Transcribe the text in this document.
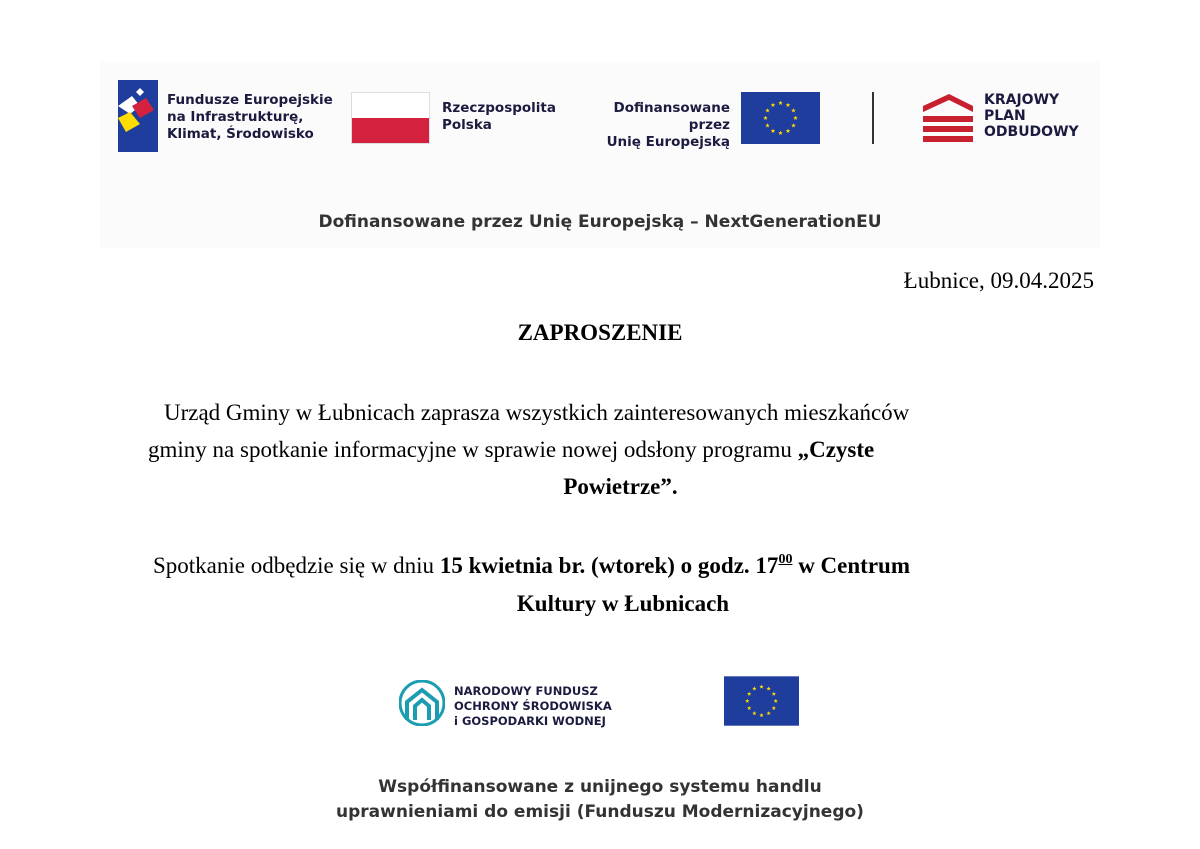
Fundusze Europejskie
na Infrastrukturę,
Klimat, Środowisko
Rzeczpospolita
Polska
Dofinansowane przez
Unię Europejską
KRAJOWY
PLAN
ODBUDOWY
Dofinansowane przez Unię Europejską – NextGenerationEU
Łubnice, 09.04.2025
ZAPROSZENIE
Urząd Gminy w Łubnicach zaprasza wszystkich zainteresowanych mieszkańców
gminy na spotkanie informacyjne w sprawie nowej odsłony programu „Czyste
Powietrze”.
Spotkanie odbędzie się w dniu 15 kwietnia br. (wtorek) o godz. $17^{00}$ w Centrum
Kultury w Łubnicach
NARODOWY FUNDUSZ
OCHRONY ŚRODOWISKA
i GOSPODARKI WODNEJ
Współfinansowane z unijnego systemu handlu
uprawnieniami do emisji (Funduszu Modernizacyjnego)
